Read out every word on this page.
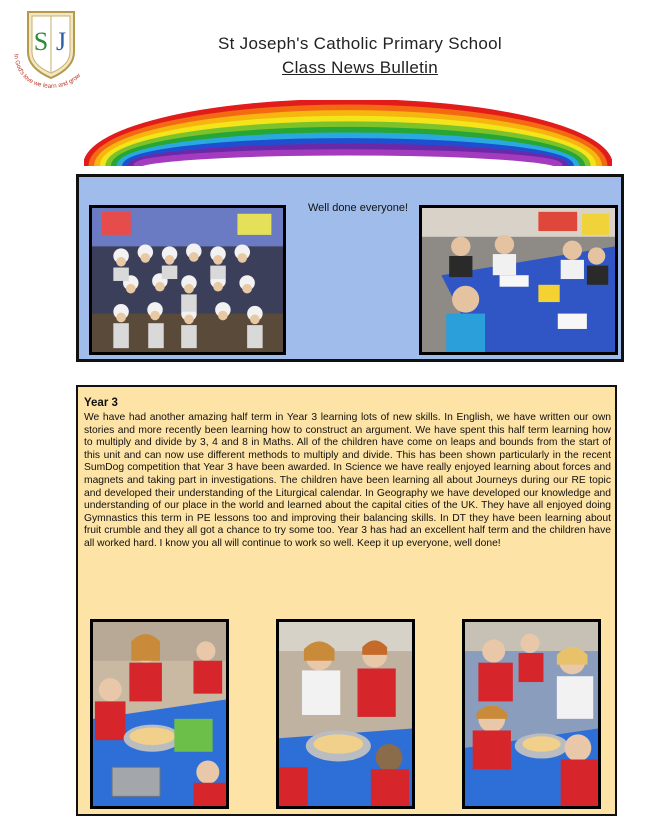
S J
In God's love we learn and grow
St Joseph's Catholic Primary School
Class News Bulletin
Well done everyone!
Year 3
We have had another amazing half term in Year 3 learning lots of new skills. In English, we have written our own stories and more recently been learning how to construct an argument. We have spent this half term learning how to multiply and divide by 3, 4 and 8 in Maths. All of the children have come on leaps and bounds from the start of this unit and can now use different methods to multiply and divide. This has been shown particularly in the recent SumDog competition that Year 3 have been awarded. In Science we have really enjoyed learning about forces and magnets and taking part in investigations. The children have been learning all about Journeys during our RE topic and developed their understanding of the Liturgical calendar. In Geography we have developed our knowledge and understanding of our place in the world and learned about the capital cities of the UK. They have all enjoyed doing Gymnastics this term in PE lessons too and improving their balancing skills. In DT they have been learning about fruit crumble and they all got a chance to try some too. Year 3 has had an excellent half term and the children have all worked hard. I know you all will continue to work so well. Keep it up everyone, well done!
